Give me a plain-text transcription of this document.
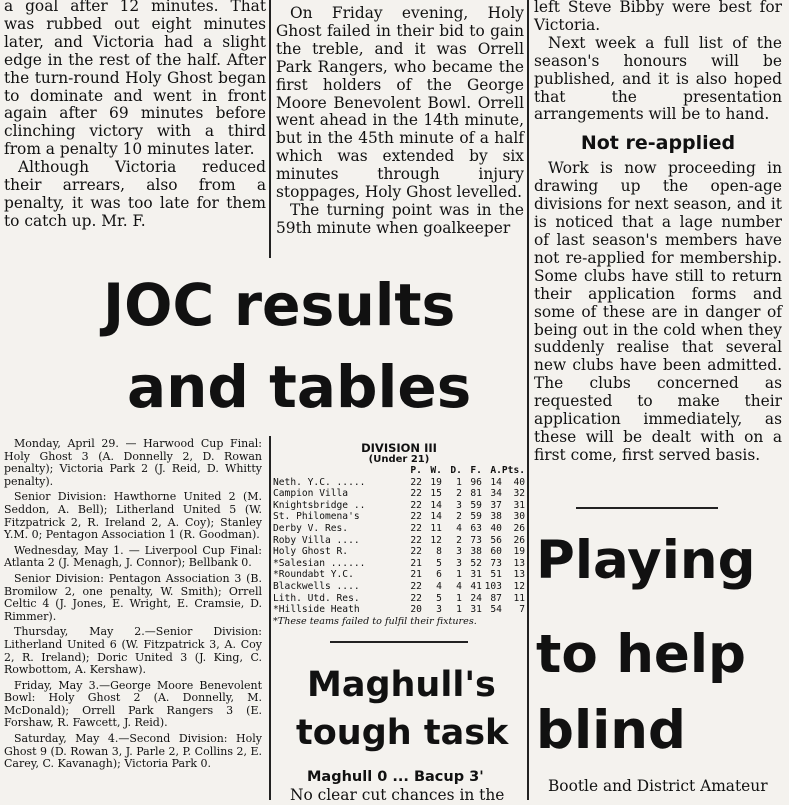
a goal after 12 minutes. That was rubbed out eight minutes later, and Victoria had a slight edge in the rest of the half. After the turn-round Holy Ghost began to dominate and went in front again after 69 minutes before clinching victory with a third from a penalty 10 minutes later.

Although Victoria reduced their arrears, also from a penalty, it was too late for them to catch up. Mr. F.

On Friday evening, Holy Ghost failed in their bid to gain the treble, and it was Orrell Park Rangers, who became the first holders of the George Moore Benevolent Bowl. Orrell went ahead in the 14th minute, but in the 45th minute of a half which was extended by six minutes through injury stoppages, Holy Ghost levelled.

The turning point was in the 59th minute when goalkeeper

left Steve Bibby were best for Victoria.

Next week a full list of the season's honours will be published, and it is also hoped that the presentation arrangements will be to hand.

Not re-applied

Work is now proceeding in drawing up the open-age divisions for next season, and it is noticed that a lage number of last season's members have not re-applied for membership. Some clubs have still to return their application forms and some of these are in danger of being out in the cold when they suddenly realise that several new clubs have been admitted. The clubs concerned as requested to make their application immediately, as these will be dealt with on a first come, first served basis.

JOC results
and tables

Monday, April 29. — Harwood Cup Final: Holy Ghost 3 (A. Donnelly 2, D. Rowan penalty); Victoria Park 2 (J. Reid, D. Whitty penalty).

Senior Division: Hawthorne United 2 (M. Seddon, A. Bell); Litherland United 5 (W. Fitzpatrick 2, R. Ireland 2, A. Coy); Stanley Y.M. 0; Pentagon Association 1 (R. Goodman).

Wednesday, May 1. — Liverpool Cup Final: Atlanta 2 (J. Menagh, J. Connor); Bellbank 0.

Senior Division: Pentagon Association 3 (B. Bromilow 2, one penalty, W. Smith); Orrell Celtic 4 (J. Jones, E. Wright, E. Cramsie, D. Rimmer).

Thursday, May 2.—Senior Division: Litherland United 6 (W. Fitzpatrick 3, A. Coy 2, R. Ireland); Doric United 3 (J. King, C. Rowbottom, A. Kershaw).

Friday, May 3.—George Moore Benevolent Bowl: Holy Ghost 2 (A. Donnelly, M. McDonald); Orrell Park Rangers 3 (E. Forshaw, R. Fawcett, J. Reid).

Saturday, May 4.—Second Division: Holy Ghost 9 (D. Rowan 3, J. Parle 2, P. Collins 2, E. Carey, C. Kavanagh); Victoria Park 0.

DIVISION III
(Under 21)
	P.	W.	D.	F.	A.	Pts.
Neth. Y.C. .....	22	19	1	96	14	40
Campion Villa	22	15	2	81	34	32
Knightsbridge ..	22	14	3	59	37	31
St. Philomena's	22	14	2	59	38	30
Derby V. Res.	22	11	4	63	40	26
Roby Villa ....	22	12	2	73	56	26
Holy Ghost R.	22	8	3	38	60	19
*Salesian ......	21	5	3	52	73	13
*Roundabt Y.C.	21	6	1	31	51	13
Blackwells ....	22	4	4	41	103	12
Lith. Utd. Res.	22	5	1	24	87	11
*Hillside Heath	20	3	1	31	54	7
*These teams failed to fulfil their fixtures.
Maghull's
tough task
Maghull 0 ... Bacup 3'

No clear cut chances in the

Playing
to help
blind

Bootle and District Amateur
